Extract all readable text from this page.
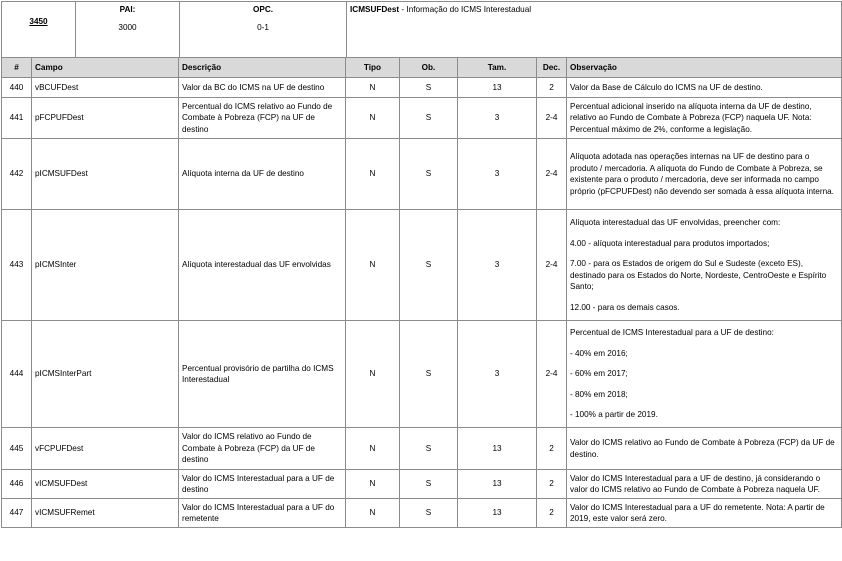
3450	
PAI:
3000	
OPC.
0-1	ICMSUFDest - Informação do ICMS Interestadual
#	Campo	Descrição	Tipo	Ob.	Tam.	Dec.	Observação
440	vBCUFDest	Valor da BC do ICMS na UF de destino	N	S	13	2	Valor da Base de Cálculo do ICMS na UF de destino.

441	pFCPUFDest	Percentual do ICMS relativo ao Fundo de Combate à Pobreza (FCP) na UF de destino	N	S	3	2-4	Percentual adicional inserido na alíquota interna da UF de destino, relativo ao Fundo de Combate à Pobreza (FCP) naquela UF. Nota: Percentual máximo de 2%, conforme a legislação.

442	pICMSUFDest	Alíquota interna da UF de destino	N	S	3	2-4	Alíquota adotada nas operações internas na UF de destino para o produto / mercadoria. A alíquota do Fundo de Combate à Pobreza, se existente para o produto / mercadoria, deve ser informada no campo próprio (pFCPUFDest) não devendo ser somada à essa alíquota interna.

443	pICMSInter	Alíquota interestadual das UF envolvidas	N	S	3	2-4	Alíquota interestadual das UF envolvidas, preencher com:

4.00 - alíquota interestadual para produtos importados;

7.00 - para os Estados de origem do Sul e Sudeste (exceto ES), destinado para os Estados do Norte, Nordeste, CentroOeste e Espírito Santo;

12.00 - para os demais casos.

444	pICMSInterPart	Percentual provisório de partilha do ICMS Interestadual	N	S	3	2-4	Percentual de ICMS Interestadual para a UF de destino:

- 40% em 2016;

- 60% em 2017;

- 80% em 2018;

- 100% a partir de 2019.

445	vFCPUFDest	Valor do ICMS relativo ao Fundo de Combate à Pobreza (FCP) da UF de destino	N	S	13	2	Valor do ICMS relativo ao Fundo de Combate à Pobreza (FCP) da UF de destino.

446	vICMSUFDest	Valor do ICMS Interestadual para a UF de destino	N	S	13	2	Valor do ICMS Interestadual para a UF de destino, já considerando o valor do ICMS relativo ao Fundo de Combate à Pobreza naquela UF.

447	vICMSUFRemet	Valor do ICMS Interestadual para a UF do remetente	N	S	13	2	Valor do ICMS Interestadual para a UF do remetente. Nota: A partir de 2019, este valor será zero.
